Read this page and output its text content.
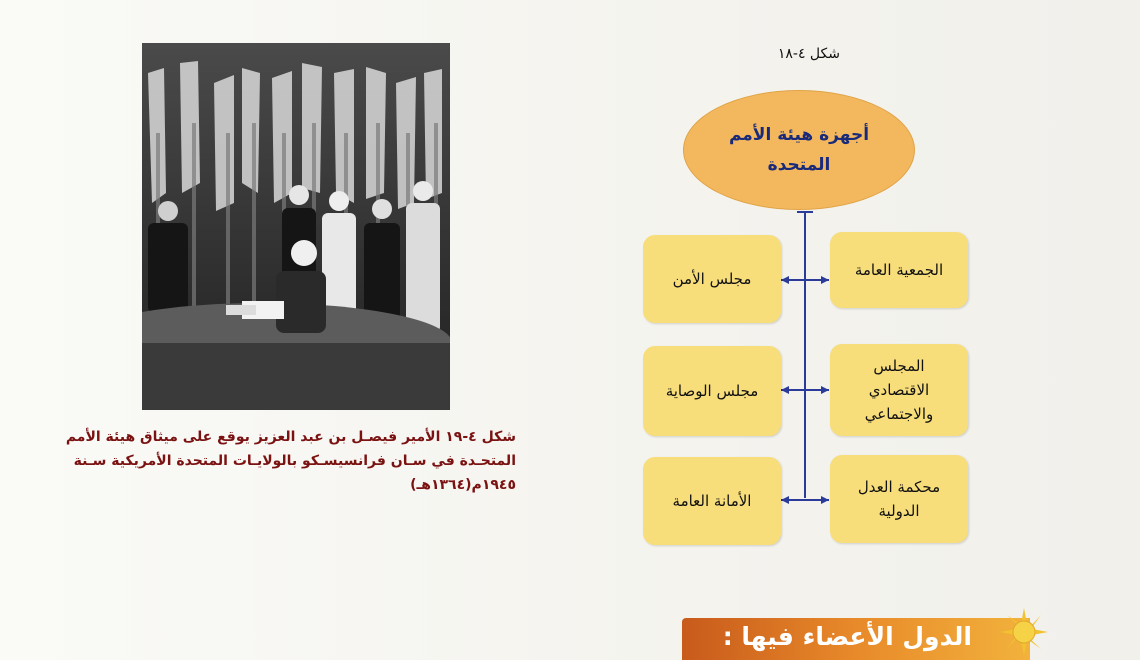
شكل ٤-١٩ الأمير فيصـل بن عبد العزيز يوقع على ميثاق هيئة الأمم
المتحـدة في سـان فرانسيسـكو بالولايـات المتحدة الأمريكية سـنة
١٩٤٥م(١٣٦٤هـ)
شكل ٤-١٨
أجهزة هيئة الأمم
المتحدة
الجمعية العامة
المجلس
الاقتصادي
والاجتماعي
محكمة العدل
الدولية
مجلس الأمن
مجلس الوصاية
الأمانة العامة
الدول الأعضاء فيها :
